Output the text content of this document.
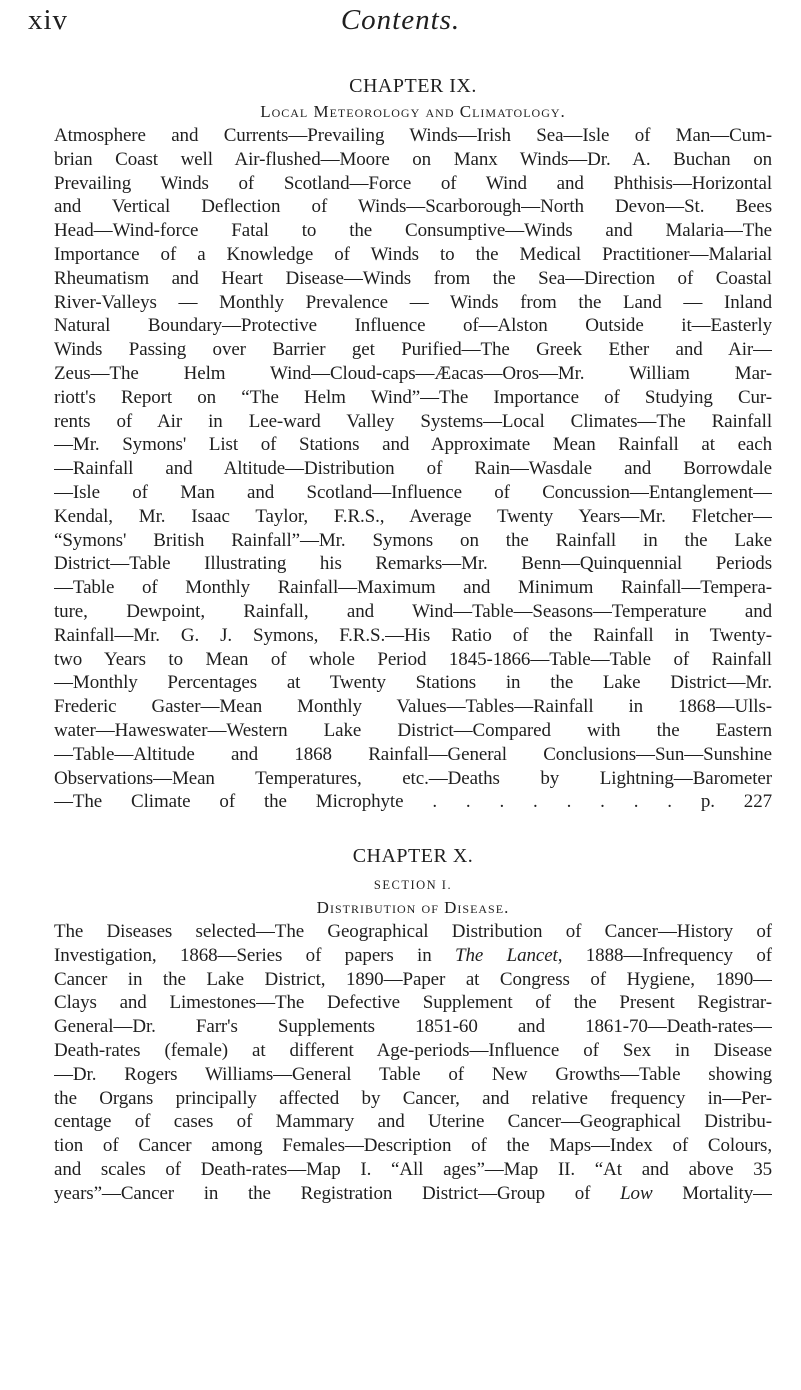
xiv	Contents.

CHAPTER IX.

Local Meteorology and Climatology.

Atmosphere and Currents—Prevailing Winds—Irish Sea—Isle of Man—Cum-
brian Coast well Air-flushed—Moore on Manx Winds—Dr. A. Buchan on
Prevailing Winds of Scotland—Force of Wind and Phthisis—Horizontal
and Vertical Deflection of Winds—Scarborough—North Devon—St. Bees
Head—Wind-force Fatal to the Consumptive—Winds and Malaria—The
Importance of a Knowledge of Winds to the Medical Practitioner—Malarial
Rheumatism and Heart Disease—Winds from the Sea—Direction of Coastal
River-Valleys — Monthly Prevalence — Winds from the Land — Inland
Natural Boundary—Protective Influence of—Alston Outside it—Easterly
Winds Passing over Barrier get Purified—The Greek Ether and Air—
Zeus—The Helm Wind—Cloud-caps—Æacas—Oros—Mr. William Mar-
riott's Report on “The Helm Wind”—The Importance of Studying Cur-
rents of Air in Lee-ward Valley Systems—Local Climates—The Rainfall
—Mr. Symons' List of Stations and Approximate Mean Rainfall at each
—Rainfall and Altitude—Distribution of Rain—Wasdale and Borrowdale
—Isle of Man and Scotland—Influence of Concussion—Entanglement—
Kendal, Mr. Isaac Taylor, F.R.S., Average Twenty Years—Mr. Fletcher—
“Symons' British Rainfall”—Mr. Symons on the Rainfall in the Lake
District—Table Illustrating his Remarks—Mr. Benn—Quinquennial Periods
—Table of Monthly Rainfall—Maximum and Minimum Rainfall—Tempera-
ture, Dewpoint, Rainfall, and Wind—Table—Seasons—Temperature and
Rainfall—Mr. G. J. Symons, F.R.S.—His Ratio of the Rainfall in Twenty-
two Years to Mean of whole Period 1845-1866—Table—Table of Rainfall
—Monthly Percentages at Twenty Stations in the Lake District—Mr.
Frederic Gaster—Mean Monthly Values—Tables—Rainfall in 1868—Ulls-
water—Haweswater—Western Lake District—Compared with the Eastern
—Table—Altitude and 1868 Rainfall—General Conclusions—Sun—Sunshine
Observations—Mean Temperatures, etc.—Deaths by Lightning—Barometer
—The Climate of the Microphyte . . . . . . . . p. 227

CHAPTER X.

SECTION I.

Distribution of Disease.

The Diseases selected—The Geographical Distribution of Cancer—History of
Investigation, 1868—Series of papers in The Lancet, 1888—Infrequency of
Cancer in the Lake District, 1890—Paper at Congress of Hygiene, 1890—
Clays and Limestones—The Defective Supplement of the Present Registrar-
General—Dr. Farr's Supplements 1851-60 and 1861-70—Death-rates—
Death-rates (female) at different Age-periods—Influence of Sex in Disease
—Dr. Rogers Williams—General Table of New Growths—Table showing
the Organs principally affected by Cancer, and relative frequency in—Per-
centage of cases of Mammary and Uterine Cancer—Geographical Distribu-
tion of Cancer among Females—Description of the Maps—Index of Colours,
and scales of Death-rates—Map I. “All ages”—Map II. “At and above 35
years”—Cancer in the Registration District—Group of Low Mortality—
